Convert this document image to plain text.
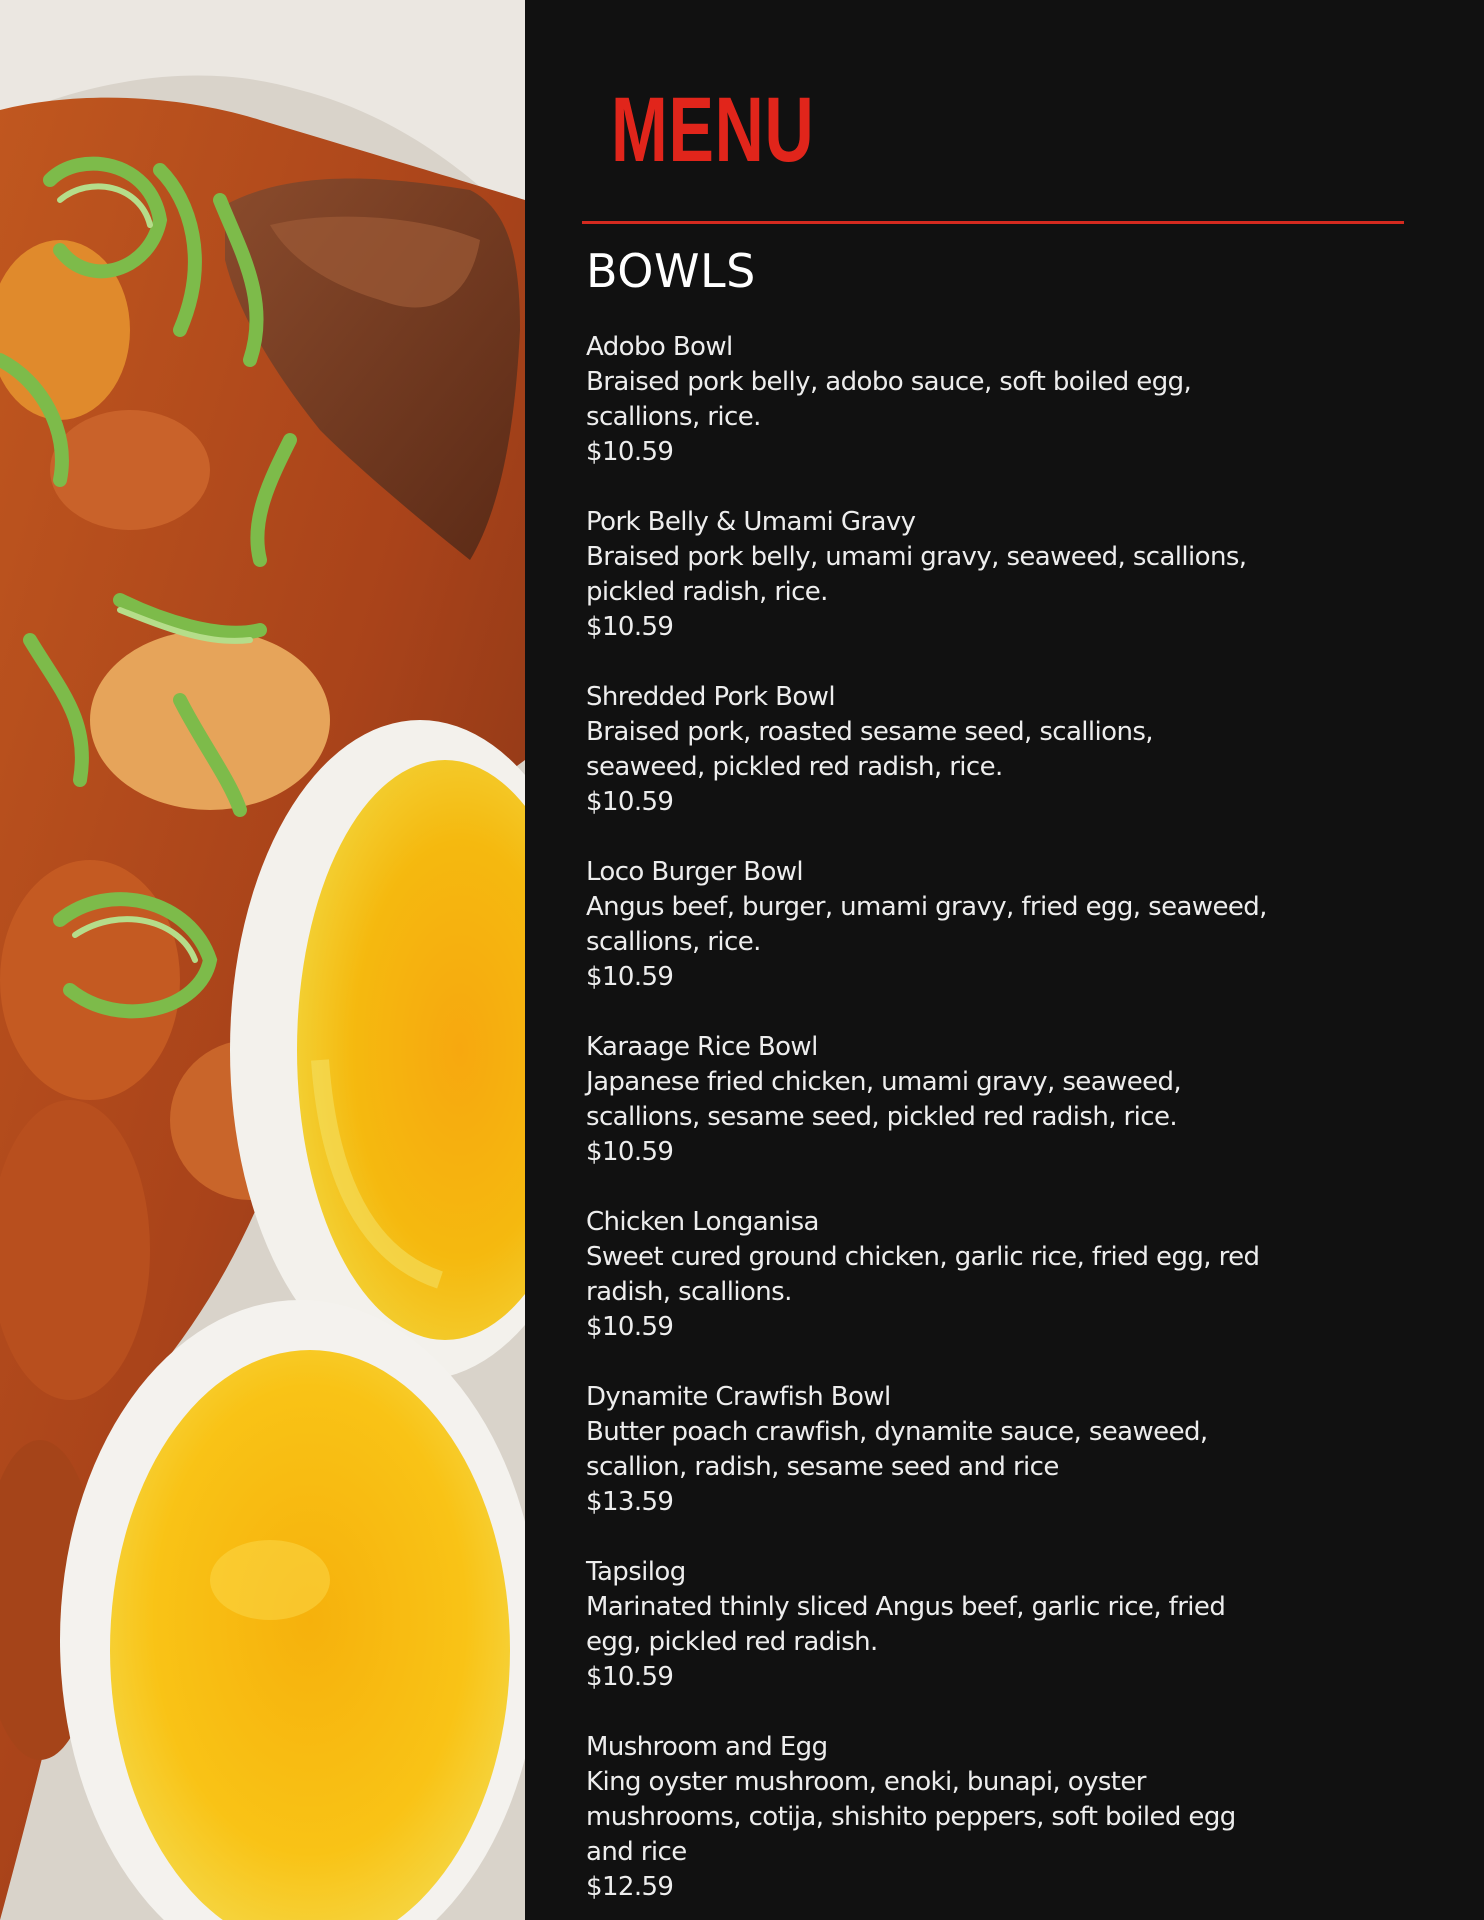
MENU
BOWLS
Adobo Bowl
Braised pork belly, adobo sauce, soft boiled egg, scallions, rice.
$10.59
Pork Belly & Umami Gravy
Braised pork belly, umami gravy, seaweed, scallions, pickled radish, rice.
$10.59
Shredded Pork Bowl
Braised pork, roasted sesame seed, scallions, seaweed, pickled red radish, rice.
$10.59
Loco Burger Bowl
Angus beef, burger, umami gravy, fried egg, seaweed, scallions, rice.
$10.59
Karaage Rice Bowl
Japanese fried chicken, umami gravy, seaweed, scallions, sesame seed, pickled red radish, rice.
$10.59
Chicken Longanisa
Sweet cured ground chicken, garlic rice, fried egg, red radish, scallions.
$10.59
Dynamite Crawfish Bowl
Butter poach crawfish, dynamite sauce, seaweed, scallion, radish, sesame seed and rice
$13.59
Tapsilog
Marinated thinly sliced Angus beef, garlic rice, fried egg, pickled red radish.
$10.59
Mushroom and Egg
King oyster mushroom, enoki, bunapi, oyster mushrooms, cotija, shishito peppers, soft boiled egg and rice
$12.59
